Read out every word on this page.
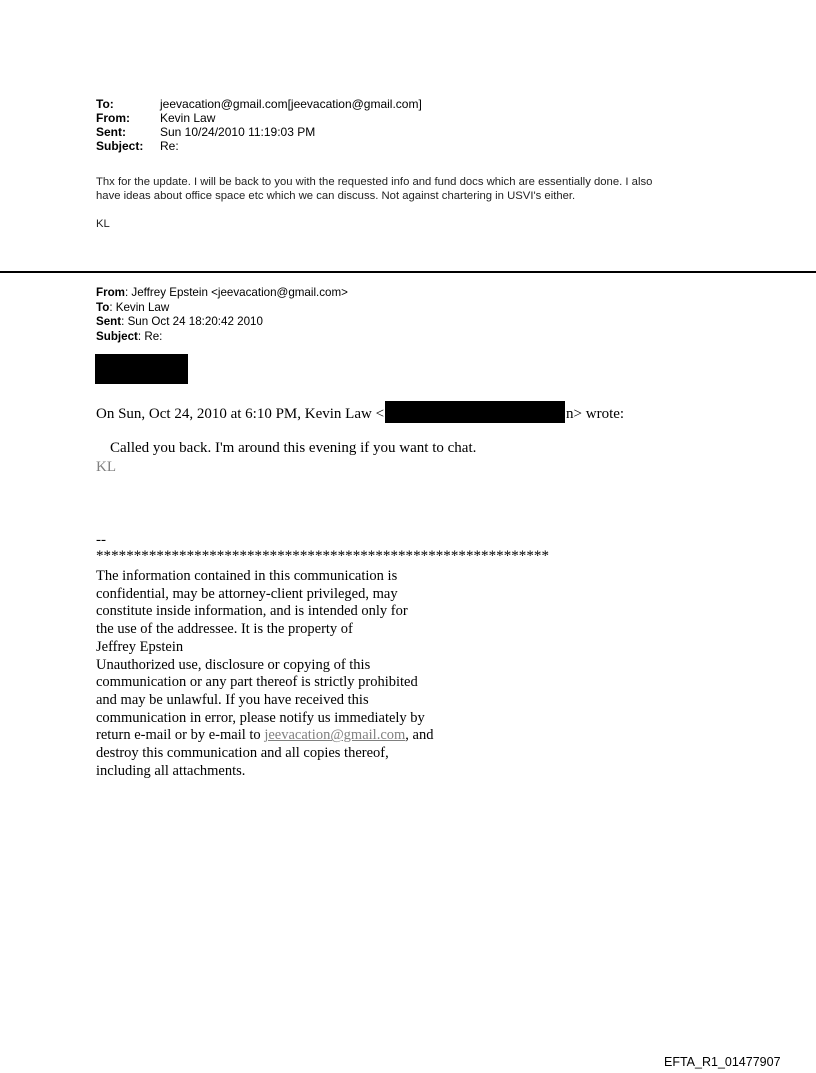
To:	jeevacation@gmail.com[jeevacation@gmail.com]
From:	Kevin Law
Sent:	Sun 10/24/2010 11:19:03 PM
Subject:	Re:
Thx for the update. I will be back to you with the requested info and fund docs which are essentially done. I also
have ideas about office space etc which we can discuss. Not against chartering in USVI's either.
KL
From: Jeffrey Epstein <jeevacation@gmail.com>
To: Kevin Law
Sent: Sun Oct 24 18:20:42 2010
Subject: Re:
On Sun, Oct 24, 2010 at 6:10 PM, Kevin Law <	n> wrote:
Called you back. I'm around this evening if you want to chat.
KL
--
************************************************************
The information contained in this communication is
confidential, may be attorney-client privileged, may
constitute inside information, and is intended only for
the use of the addressee. It is the property of
Jeffrey Epstein
Unauthorized use, disclosure or copying of this
communication or any part thereof is strictly prohibited
and may be unlawful. If you have received this
communication in error, please notify us immediately by
return e-mail or by e-mail to jeevacation@gmail.com, and
destroy this communication and all copies thereof,
including all attachments.
EFTA_R1_01477907
